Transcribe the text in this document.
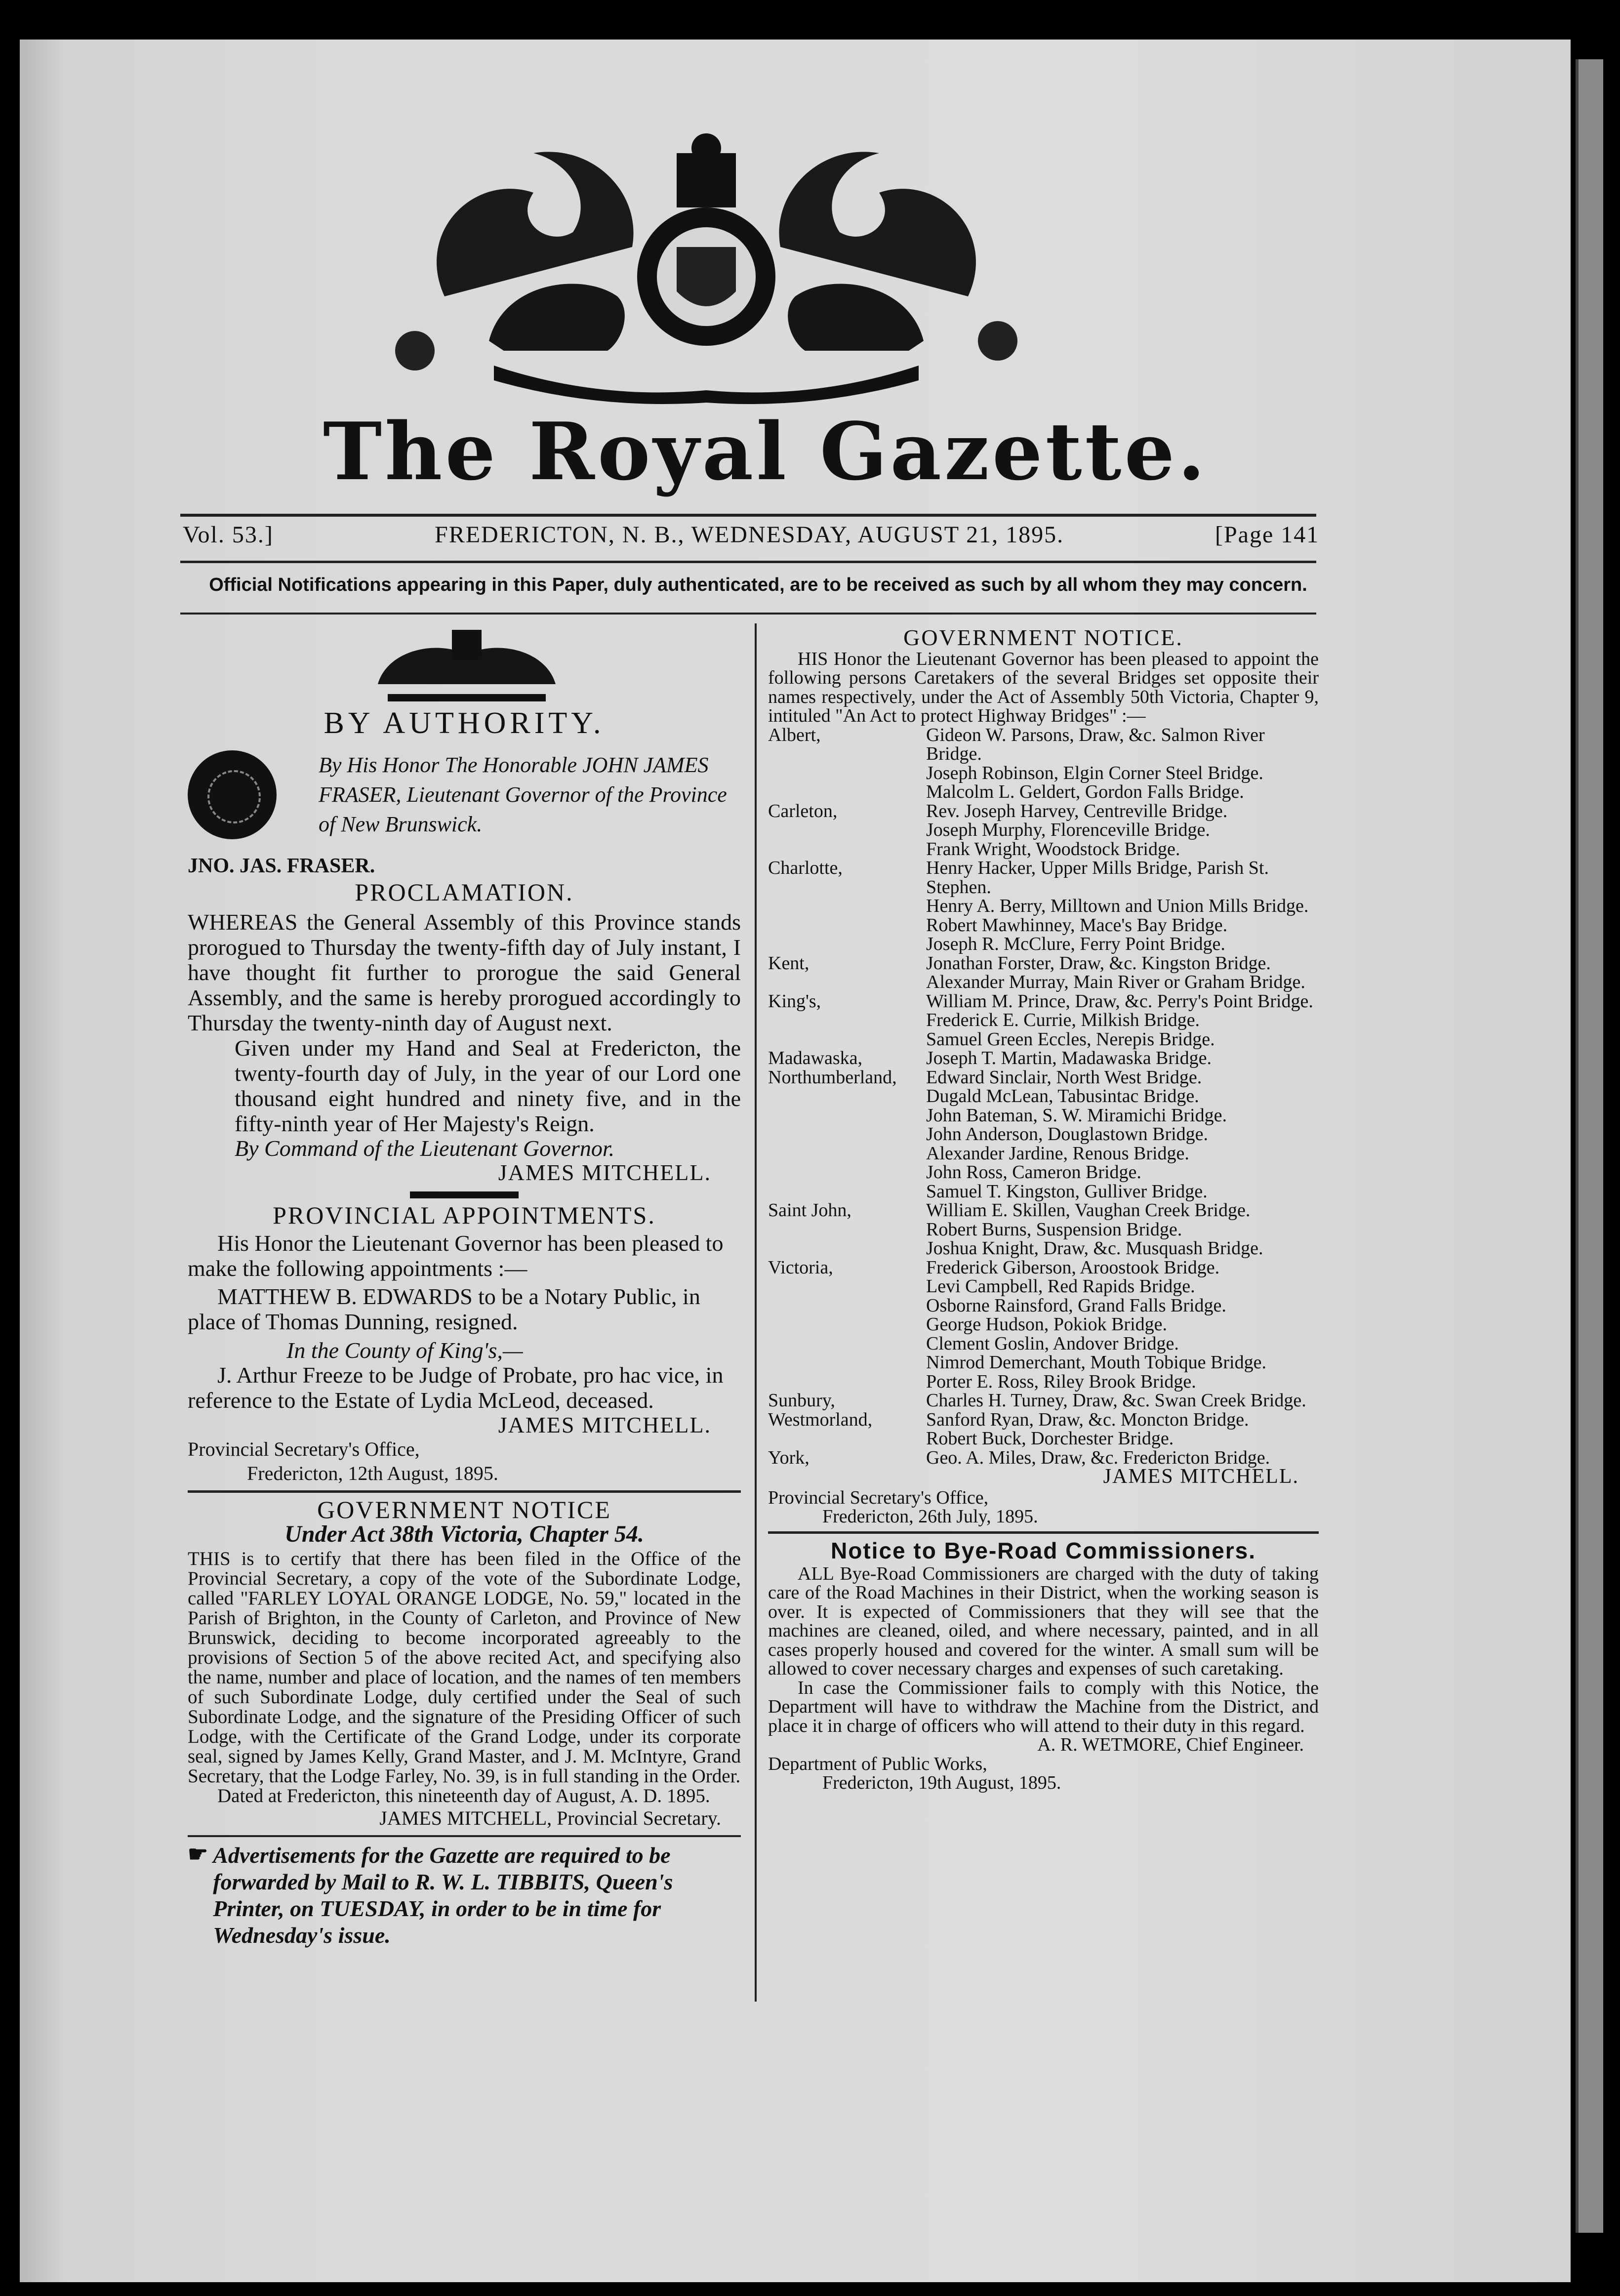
The Royal Gazette.
Vol. 53.]	FREDERICTON, N. B., WEDNESDAY, AUGUST 21, 1895.	[Page 141
Official Notifications appearing in this Paper, duly authenticated, are to be received as such by all whom they may concern.

BY AUTHORITY.

By His Honor The Honorable JOHN JAMES FRASER, Lieutenant Governor of the Province of New Brunswick.

JNO. JAS. FRASER.

PROCLAMATION.

WHEREAS the General Assembly of this Province stands prorogued to Thursday the twenty-fifth day of July instant, I have thought fit further to prorogue the said General Assembly, and the same is hereby prorogued accordingly to Thursday the twenty-ninth day of August next.

Given under my Hand and Seal at Fredericton, the twenty-fourth day of July, in the year of our Lord one thousand eight hundred and ninety five, and in the fifty-ninth year of Her Majesty's Reign.

By Command of the Lieutenant Governor.

JAMES MITCHELL.

PROVINCIAL APPOINTMENTS.

His Honor the Lieutenant Governor has been pleased to make the following appointments :—

MATTHEW B. EDWARDS to be a Notary Public, in place of Thomas Dunning, resigned.

In the County of King's,—

J. Arthur Freeze to be Judge of Probate, pro hac vice, in reference to the Estate of Lydia McLeod, deceased.

JAMES MITCHELL.

Provincial Secretary's Office,

Fredericton, 12th August, 1895.

GOVERNMENT NOTICE

Under Act 38th Victoria, Chapter 54.

THIS is to certify that there has been filed in the Office of the Provincial Secretary, a copy of the vote of the Subordinate Lodge, called "FARLEY LOYAL ORANGE LODGE, No. 59," located in the Parish of Brighton, in the County of Carleton, and Province of New Brunswick, deciding to become incorporated agreeably to the provisions of Section 5 of the above recited Act, and specifying also the name, number and place of location, and the names of ten members of such Subordinate Lodge, duly certified under the Seal of such Subordinate Lodge, and the signature of the Presiding Officer of such Lodge, with the Certificate of the Grand Lodge, under its corporate seal, signed by James Kelly, Grand Master, and J. M. McIntyre, Grand Secretary, that the Lodge Farley, No. 39, is in full standing in the Order.

Dated at Fredericton, this nineteenth day of August, A. D. 1895.

JAMES MITCHELL, Provincial Secretary.

☛ Advertisements for the Gazette are required to be forwarded by Mail to R. W. L. TIBBITS, Queen's Printer, on TUESDAY, in order to be in time for Wednesday's issue.

GOVERNMENT NOTICE.

HIS Honor the Lieutenant Governor has been pleased to appoint the following persons Caretakers of the several Bridges set opposite their names respectively, under the Act of Assembly 50th Victoria, Chapter 9, intituled "An Act to protect Highway Bridges" :—

Albert,	Gideon W. Parsons, Draw, &c. Salmon River Bridge.

Joseph Robinson, Elgin Corner Steel Bridge.

Malcolm L. Geldert, Gordon Falls Bridge.

Carleton,	Rev. Joseph Harvey, Centreville Bridge.

Joseph Murphy, Florenceville Bridge.

Frank Wright, Woodstock Bridge.

Charlotte,	Henry Hacker, Upper Mills Bridge, Parish St. Stephen.

Henry A. Berry, Milltown and Union Mills Bridge.

Robert Mawhinney, Mace's Bay Bridge.

Joseph R. McClure, Ferry Point Bridge.

Kent,	Jonathan Forster, Draw, &c. Kingston Bridge.

Alexander Murray, Main River or Graham Bridge.

King's,	William M. Prince, Draw, &c. Perry's Point Bridge.

Frederick E. Currie, Milkish Bridge.

Samuel Green Eccles, Nerepis Bridge.

Madawaska,	Joseph T. Martin, Madawaska Bridge.

Northumberland,	Edward Sinclair, North West Bridge.

Dugald McLean, Tabusintac Bridge.

John Bateman, S. W. Miramichi Bridge.

John Anderson, Douglastown Bridge.

Alexander Jardine, Renous Bridge.

John Ross, Cameron Bridge.

Samuel T. Kingston, Gulliver Bridge.

Saint John,	William E. Skillen, Vaughan Creek Bridge.

Robert Burns, Suspension Bridge.

Joshua Knight, Draw, &c. Musquash Bridge.

Victoria,	Frederick Giberson, Aroostook Bridge.

Levi Campbell, Red Rapids Bridge.

Osborne Rainsford, Grand Falls Bridge.

George Hudson, Pokiok Bridge.

Clement Goslin, Andover Bridge.

Nimrod Demerchant, Mouth Tobique Bridge.

Porter E. Ross, Riley Brook Bridge.

Sunbury,	Charles H. Turney, Draw, &c. Swan Creek Bridge.

Westmorland,	Sanford Ryan, Draw, &c. Moncton Bridge.

Robert Buck, Dorchester Bridge.

York,	Geo. A. Miles, Draw, &c. Fredericton Bridge.

JAMES MITCHELL.

Provincial Secretary's Office,

Fredericton, 26th July, 1895.

Notice to Bye-Road Commissioners.

ALL Bye-Road Commissioners are charged with the duty of taking care of the Road Machines in their District, when the working season is over. It is expected of Commissioners that they will see that the machines are cleaned, oiled, and where necessary, painted, and in all cases properly housed and covered for the winter. A small sum will be allowed to cover necessary charges and expenses of such caretaking.

In case the Commissioner fails to comply with this Notice, the Department will have to withdraw the Machine from the District, and place it in charge of officers who will attend to their duty in this regard.

A. R. WETMORE, Chief Engineer.

Department of Public Works,

Fredericton, 19th August, 1895.
